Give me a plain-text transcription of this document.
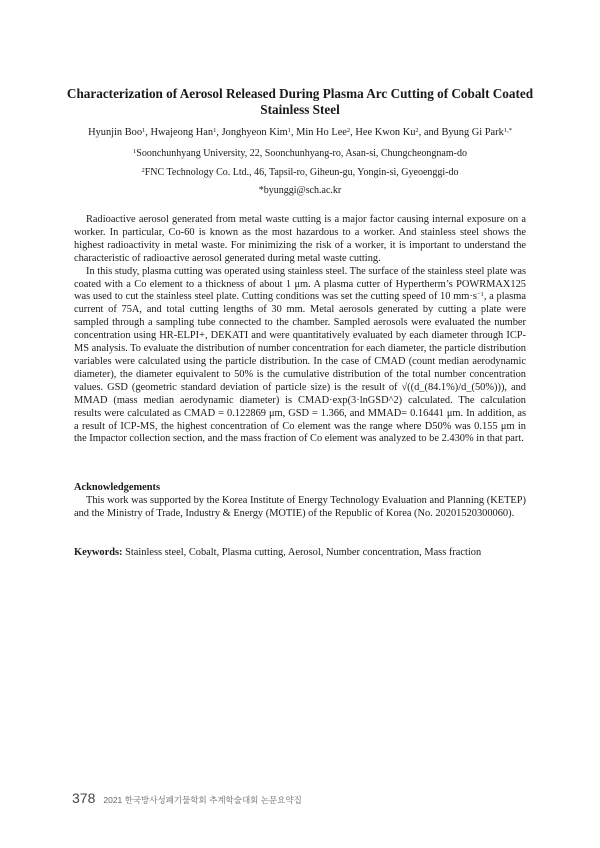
Characterization of Aerosol Released During Plasma Arc Cutting of Cobalt Coated Stainless Steel
Hyunjin Boo$^1$, Hwajeong Han$^1$, Jonghyeon Kim$^1$, Min Ho Lee$^2$, Hee Kwon Ku$^2$, and Byung Gi Park$^{1,*}$
$^1$Soonchunhyang University, 22, Soonchunhyang-ro, Asan-si, Chungcheongnam-do
$^2$FNC Technology Co. Ltd., 46, Tapsil-ro, Giheun-gu, Yongin-si, Gyeoenggi-do
*byunggi@sch.ac.kr

Radioactive aerosol generated from metal waste cutting is a major factor causing internal exposure on a worker. In particular, Co-60 is known as the most hazardous to a worker. And stainless steel shows the highest radioactivity in metal waste. For minimizing the risk of a worker, it is important to understand the characteristic of radioactive aerosol generated during metal waste cutting.

In this study, plasma cutting was operated using stainless steel. The surface of the stainless steel plate was coated with a Co element to a thickness of about 1 μm. A plasma cutter of Hypertherm’s POWRMAX125 was used to cut the stainless steel plate. Cutting conditions was set the cutting speed of 10 $mm\cdot s^{-1}$, a plasma current of 75A, and total cutting lengths of 30 mm. Metal aerosols generated by cutting a plate were sampled through a sampling tube connected to the chamber. Sampled aerosols were evaluated the number concentration using HR-ELPI+, DEKATI and were quantitatively evaluated by each diameter through ICP-MS analysis. To evaluate the distribution of number concentration for each diameter, the particle distribution variables were calculated using the particle distribution. In the case of CMAD (count median aerodynamic diameter), the diameter equivalent to 50% is the cumulative distribution of the total number concentration values. GSD (geometric standard deviation of particle size) is the result of √((d_(84.1%)/d_(50%))), and MMAD (mass median aerodynamic diameter) is CMAD·exp(3·lnGSD^2) calculated. The calculation results were calculated as CMAD = 0.122869 μm, GSD = 1.366, and MMAD= 0.16441 μm. In addition, as a result of ICP-MS, the highest concentration of Co element was the range where D50% was 0.155 μm in the Impactor collection section, and the mass fraction of Co element was analyzed to be 2.430% in that part.

Acknowledgements

This work was supported by the Korea Institute of Energy Technology Evaluation and Planning (KETEP) and the Ministry of Trade, Industry & Energy (MOTIE) of the Republic of Korea (No. 20201520300060).

Keywords: Stainless steel, Cobalt, Plasma cutting, Aerosol, Number concentration, Mass fraction
378 2021 한국방사성폐기물학회 추계학술대회 논문요약집
